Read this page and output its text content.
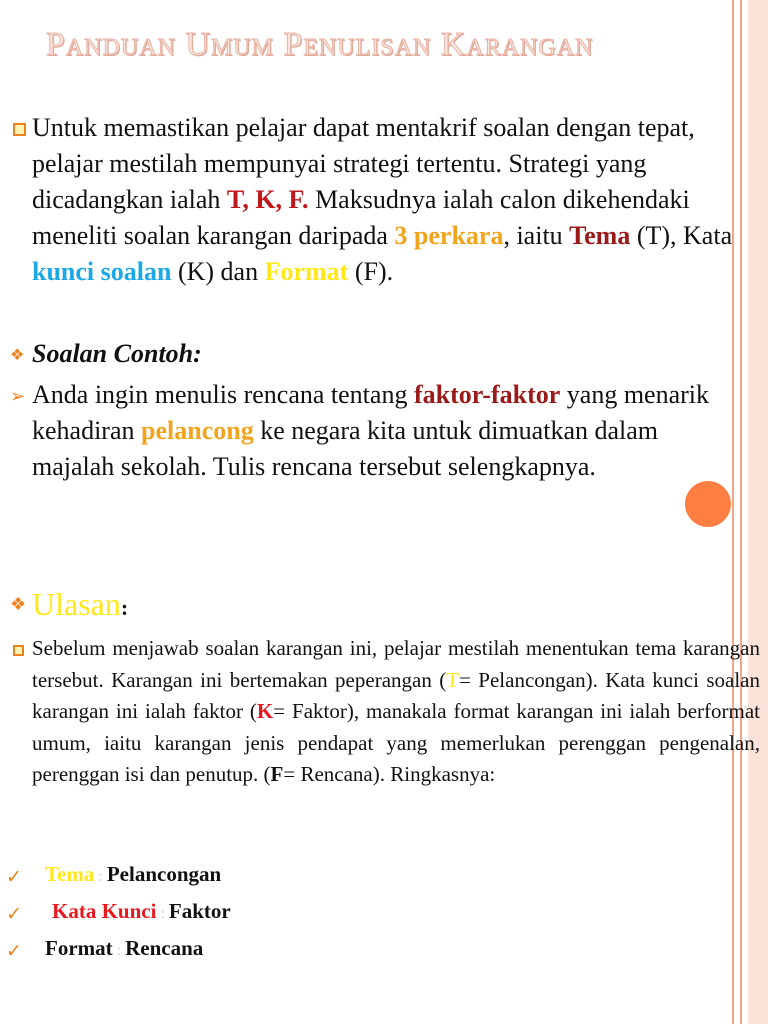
Panduan Umum Penulisan Karangan
Untuk memastikan pelajar dapat mentakrif soalan dengan tepat, pelajar mestilah mempunyai strategi tertentu. Strategi yang dicadangkan ialah T, K, F. Maksudnya ialah calon dikehendaki meneliti soalan karangan daripada 3 perkara, iaitu Tema (T), Kata kunci soalan (K) dan Format (F).
❖ Soalan Contoh:
➢ Anda ingin menulis rencana tentang faktor-faktor yang menarik kehadiran pelancong ke negara kita untuk dimuatkan dalam majalah sekolah. Tulis rencana tersebut selengkapnya.
❖ Ulasan:
Sebelum menjawab soalan karangan ini, pelajar mestilah menentukan tema karangan tersebut. Karangan ini bertemakan peperangan (T= Pelancongan). Kata kunci soalan karangan ini ialah faktor (K= Faktor), manakala format karangan ini ialah berformat umum, iaitu karangan jenis pendapat yang memerlukan perenggan pengenalan, perenggan isi dan penutup. (F= Rencana). Ringkasnya:
✓ Tema : Pelancongan
✓ Kata Kunci : Faktor
✓ Format : Rencana
